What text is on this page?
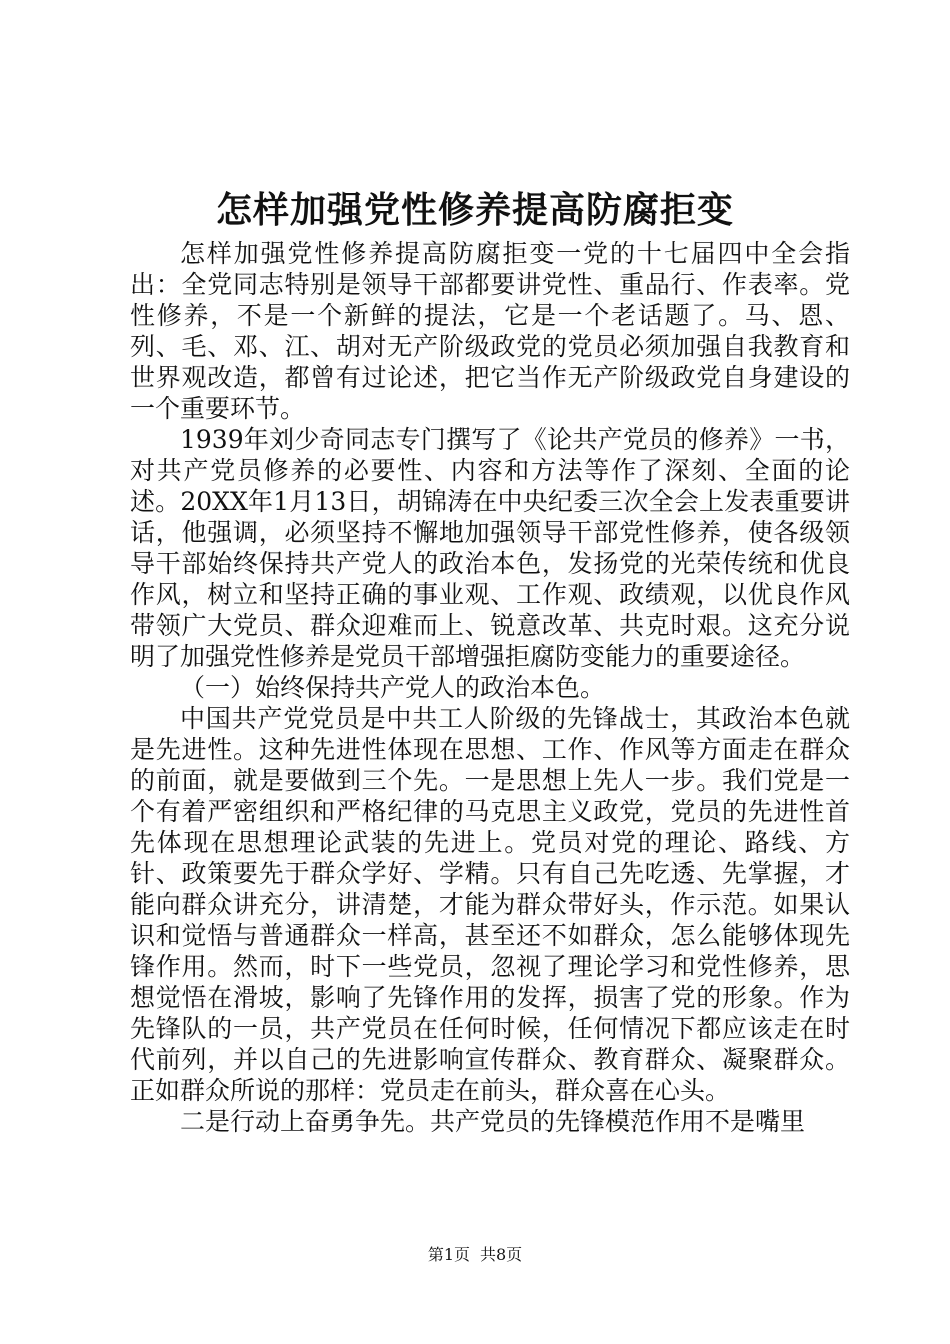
怎样加强党性修养提高防腐拒变

怎样加强党性修养提高防腐拒变一党的十七届四中全会指出：全党同志特别是领导干部都要讲党性、重品行、作表率。党性修养，不是一个新鲜的提法，它是一个老话题了。马、恩、列、毛、邓、江、胡对无产阶级政党的党员必须加强自我教育和世界观改造，都曾有过论述，把它当作无产阶级政党自身建设的一个重要环节。

1939年刘少奇同志专门撰写了《论共产党员的修养》一书，对共产党员修养的必要性、内容和方法等作了深刻、全面的论述。20XX年1月13日，胡锦涛在中央纪委三次全会上发表重要讲话，他强调，必须坚持不懈地加强领导干部党性修养，使各级领导干部始终保持共产党人的政治本色，发扬党的光荣传统和优良作风，树立和坚持正确的事业观、工作观、政绩观，以优良作风带领广大党员、群众迎难而上、锐意改革、共克时艰。这充分说明了加强党性修养是党员干部增强拒腐防变能力的重要途径。

（一）始终保持共产党人的政治本色。

中国共产党党员是中共工人阶级的先锋战士，其政治本色就是先进性。这种先进性体现在思想、工作、作风等方面走在群众的前面，就是要做到三个先。一是思想上先人一步。我们党是一个有着严密组织和严格纪律的马克思主义政党，党员的先进性首先体现在思想理论武装的先进上。党员对党的理论、路线、方针、政策要先于群众学好、学精。只有自己先吃透、先掌握，才能向群众讲充分，讲清楚，才能为群众带好头，作示范。如果认识和觉悟与普通群众一样高，甚至还不如群众，怎么能够体现先锋作用。然而，时下一些党员，忽视了理论学习和党性修养，思想觉悟在滑坡，影响了先锋作用的发挥，损害了党的形象。作为先锋队的一员，共产党员在任何时候，任何情况下都应该走在时代前列，并以自己的先进影响宣传群众、教育群众、凝聚群众。正如群众所说的那样：党员走在前头，群众喜在心头。

二是行动上奋勇争先。共产党员的先锋模范作用不是嘴里

第1页 共8页
